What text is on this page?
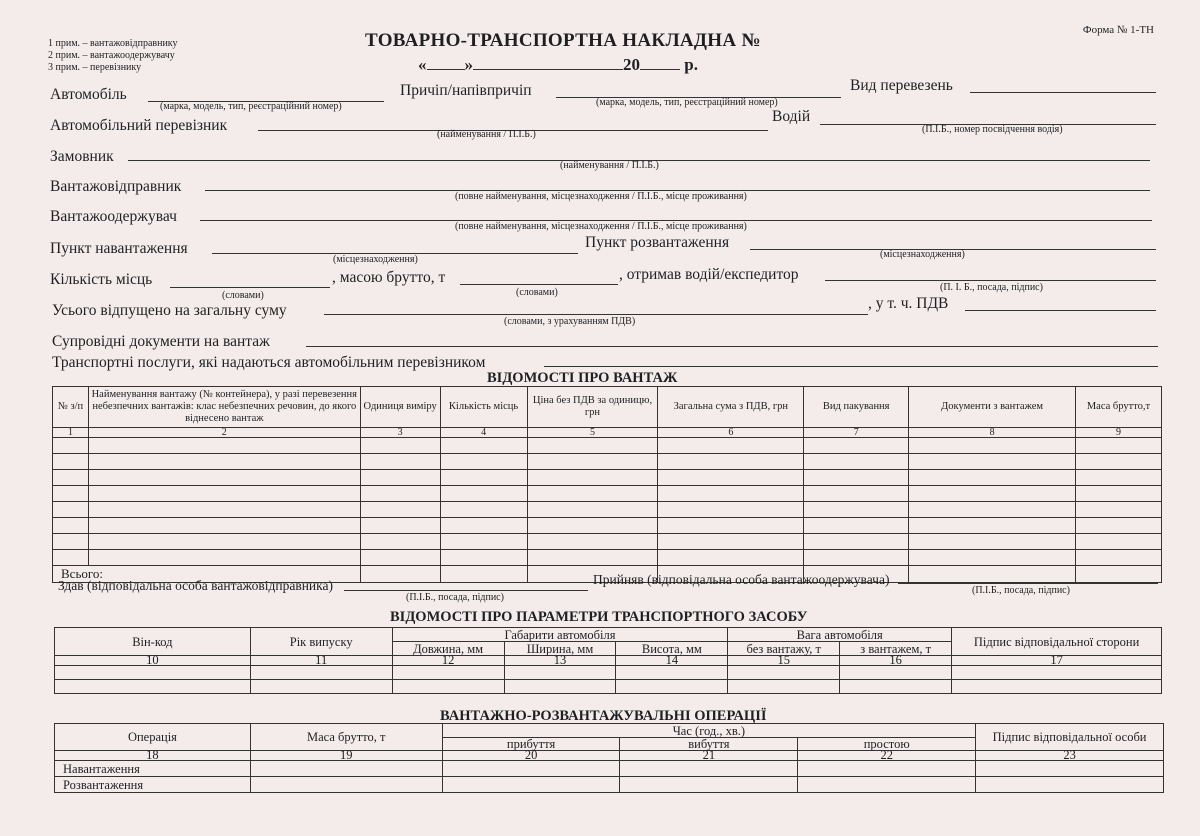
1 прим. – вантажовідправнику
2 прим. – вантажоодержувачу
3 прим. – перевізнику
Форма № 1-ТН
ТОВАРНО-ТРАНСПОРТНА НАКЛАДНА №
« »	20	р.
Автомобіль
(марка, модель, тип, реєстраційний номер)
Причіп/напівпричіп
(марка, модель, тип, реєстраційний номер)
Вид перевезень
Автомобільний перевізник
(найменування / П.І.Б.)
Водій
(П.І.Б., номер посвідчення водія)
Замовник
(найменування / П.І.Б.)
Вантажовідправник
(повне найменування, місцезнаходження / П.І.Б., місце проживання)
Вантажоодержувач
(повне найменування, місцезнаходження / П.І.Б., місце проживання)
Пункт навантаження
(місцезнаходження)
Пункт розвантаження
(місцезнаходження)
Кількість місць
(словами)
, масою брутто, т
(словами)
, отримав водій/експедитор
(П. І. Б., посада, підпис)
Усього відпущено на загальну суму
(словами, з урахуванням ПДВ)
, у т. ч. ПДВ
Супровідні документи на вантаж
Транспортні послуги, які надаються автомобільним перевізником
ВІДОМОСТІ ПРО ВАНТАЖ
№ з/п	Найменування вантажу (№ контейнера), у разі перевезення небезпечних вантажів: клас небезпечних речовин, до якого віднесено вантаж	Одиниця виміру	Кількість місць	Ціна без ПДВ за одиницю, грн	Загальна сума з ПДВ, грн	Вид пакування	Документи з вантажем	Маса брутто,т
1	2	3	4	5	6	7	8	9

Всього:								
Здав (відповідальна особа вантажовідправника)
(П.І.Б., посада, підпис)
Прийняв (відповідальна особа вантажоодержувача)
(П.І.Б., посада, підпис)
ВІДОМОСТІ ПРО ПАРАМЕТРИ ТРАНСПОРТНОГО ЗАСОБУ
Він-код	Рік випуску	Габарити автомобіля			Вага автомобіля		Підпис відповідальної сторони
		Довжина, мм	Ширина, мм	Висота, мм	без вантажу, т	з вантажем, т	
10	11	12	13	14	15	16	17

ВАНТАЖНО-РОЗВАНТАЖУВАЛЬНІ ОПЕРАЦІЇ
Операція	Маса брутто, т	Час (год., хв.)			Підпис відповідальної особи
		прибуття	вибуття	простою	
18	19	20	21	22	23
Навантаження					
Розвантаження					
